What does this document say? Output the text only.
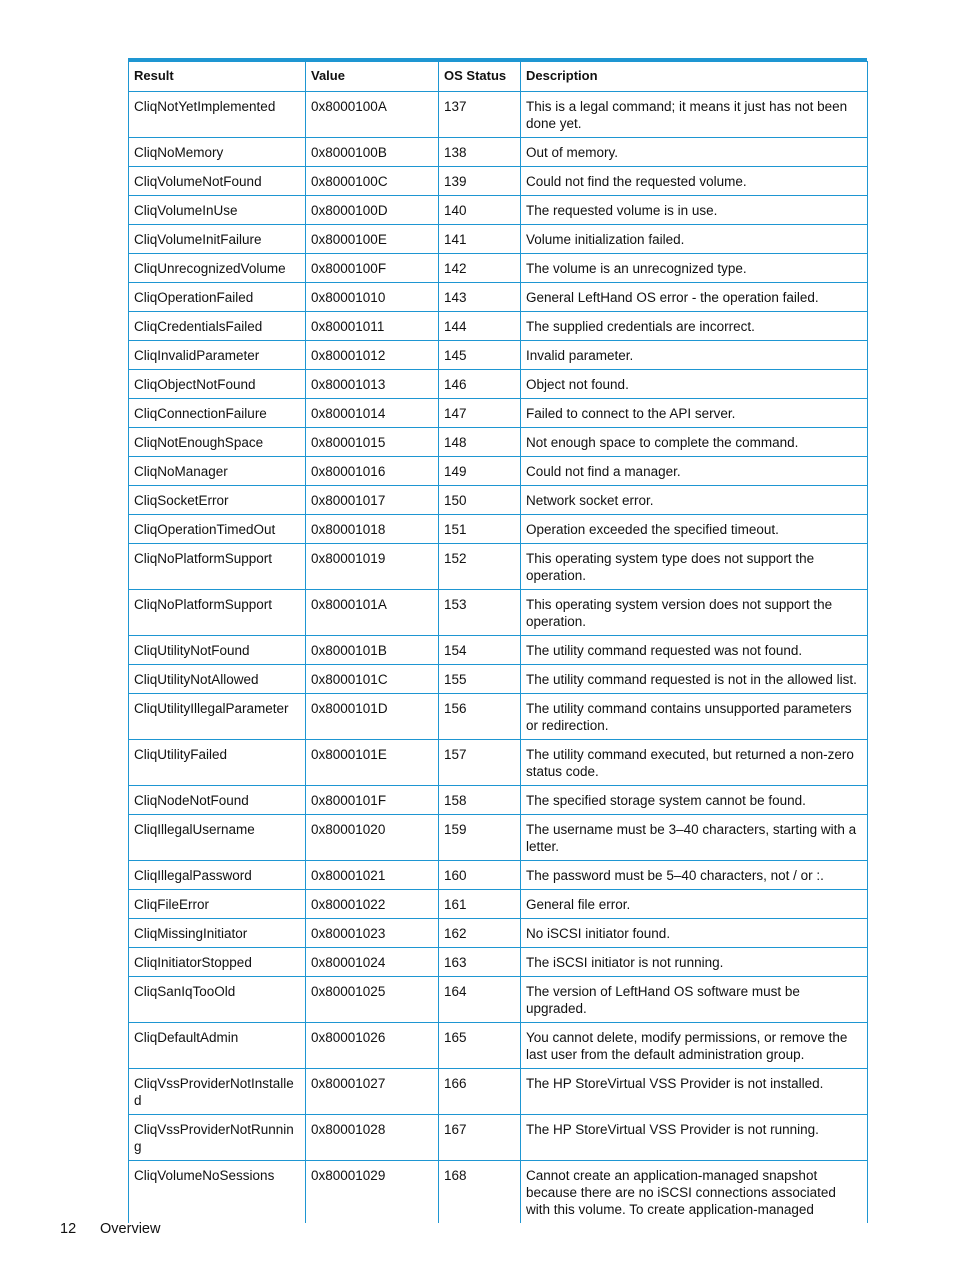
Result	Value	OS Status	Description
CliqNotYetImplemented	0x8000100A	137	This is a legal command; it means it just has not been done yet.
CliqNoMemory	0x8000100B	138	Out of memory.
CliqVolumeNotFound	0x8000100C	139	Could not find the requested volume.
CliqVolumeInUse	0x8000100D	140	The requested volume is in use.
CliqVolumeInitFailure	0x8000100E	141	Volume initialization failed.
CliqUnrecognizedVolume	0x8000100F	142	The volume is an unrecognized type.
CliqOperationFailed	0x80001010	143	General LeftHand OS error - the operation failed.
CliqCredentialsFailed	0x80001011	144	The supplied credentials are incorrect.
CliqInvalidParameter	0x80001012	145	Invalid parameter.
CliqObjectNotFound	0x80001013	146	Object not found.
CliqConnectionFailure	0x80001014	147	Failed to connect to the API server.
CliqNotEnoughSpace	0x80001015	148	Not enough space to complete the command.
CliqNoManager	0x80001016	149	Could not find a manager.
CliqSocketError	0x80001017	150	Network socket error.
CliqOperationTimedOut	0x80001018	151	Operation exceeded the specified timeout.
CliqNoPlatformSupport	0x80001019	152	This operating system type does not support the operation.
CliqNoPlatformSupport	0x8000101A	153	This operating system version does not support the operation.
CliqUtilityNotFound	0x8000101B	154	The utility command requested was not found.
CliqUtilityNotAllowed	0x8000101C	155	The utility command requested is not in the allowed list.
CliqUtilityIllegalParameter	0x8000101D	156	The utility command contains unsupported parameters or redirection.
CliqUtilityFailed	0x8000101E	157	The utility command executed, but returned a non-zero status code.
CliqNodeNotFound	0x8000101F	158	The specified storage system cannot be found.
CliqIllegalUsername	0x80001020	159	The username must be 3–40 characters, starting with a letter.
CliqIllegalPassword	0x80001021	160	The password must be 5–40 characters, not / or :.
CliqFileError	0x80001022	161	General file error.
CliqMissingInitiator	0x80001023	162	No iSCSI initiator found.
CliqInitiatorStopped	0x80001024	163	The iSCSI initiator is not running.
CliqSanIqTooOld	0x80001025	164	The version of LeftHand OS software must be upgraded.
CliqDefaultAdmin	0x80001026	165	You cannot delete, modify permissions, or remove the last user from the default administration group.
CliqVssProviderNotInstalled	0x80001027	166	The HP StoreVirtual VSS Provider is not installed.
CliqVssProviderNotRunning	0x80001028	167	The HP StoreVirtual VSS Provider is not running.
CliqVolumeNoSessions	0x80001029	168	Cannot create an application-managed snapshot because there are no iSCSI connections associated with this volume. To create application-managed
12 Overview
